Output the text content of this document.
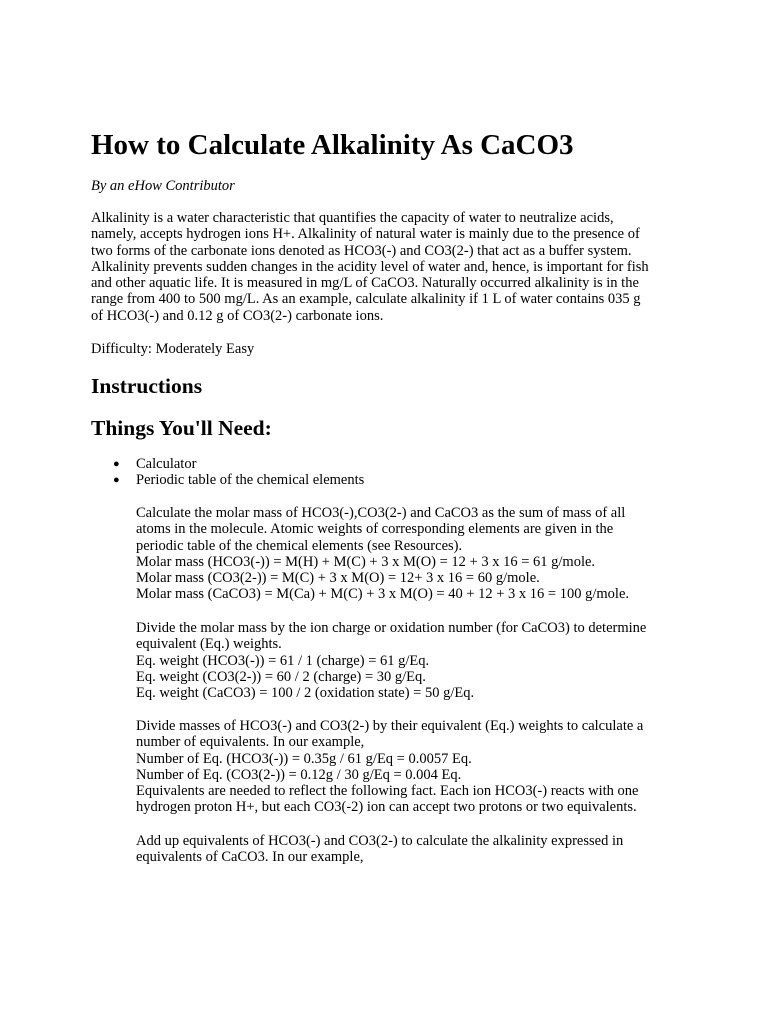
How to Calculate Alkalinity As CaCO3

By an eHow Contributor

Alkalinity is a water characteristic that quantifies the capacity of water to neutralize acids,
namely, accepts hydrogen ions H+. Alkalinity of natural water is mainly due to the presence of
two forms of the carbonate ions denoted as HCO3(-) and CO3(2-) that act as a buffer system.
Alkalinity prevents sudden changes in the acidity level of water and, hence, is important for fish
and other aquatic life. It is measured in mg/L of CaCO3. Naturally occurred alkalinity is in the
range from 400 to 500 mg/L. As an example, calculate alkalinity if 1 L of water contains 035 g
of HCO3(-) and 0.12 g of CO3(2-) carbonate ions.

Difficulty: Moderately Easy

Instructions
Things You'll Need:
● Calculator
● Periodic table of the chemical elements
Calculate the molar mass of HCO3(-),CO3(2-) and CaCO3 as the sum of mass of all
atoms in the molecule. Atomic weights of corresponding elements are given in the
periodic table of the chemical elements (see Resources).
Molar mass (HCO3(-)) = M(H) + M(C) + 3 x M(O) = 12 + 3 x 16 = 61 g/mole.
Molar mass (CO3(2-)) = M(C) + 3 x M(O) = 12+ 3 x 16 = 60 g/mole.
Molar mass (CaCO3) = M(Ca) + M(C) + 3 x M(O) = 40 + 12 + 3 x 16 = 100 g/mole.
Divide the molar mass by the ion charge or oxidation number (for CaCO3) to determine
equivalent (Eq.) weights.
Eq. weight (HCO3(-)) = 61 / 1 (charge) = 61 g/Eq.
Eq. weight (CO3(2-)) = 60 / 2 (charge) = 30 g/Eq.
Eq. weight (CaCO3) = 100 / 2 (oxidation state) = 50 g/Eq.
Divide masses of HCO3(-) and CO3(2-) by their equivalent (Eq.) weights to calculate a
number of equivalents. In our example,
Number of Eq. (HCO3(-)) = 0.35g / 61 g/Eq = 0.0057 Eq.
Number of Eq. (CO3(2-)) = 0.12g / 30 g/Eq = 0.004 Eq.
Equivalents are needed to reflect the following fact. Each ion HCO3(-) reacts with one
hydrogen proton H+, but each CO3(-2) ion can accept two protons or two equivalents.
Add up equivalents of HCO3(-) and CO3(2-) to calculate the alkalinity expressed in
equivalents of CaCO3. In our example,
